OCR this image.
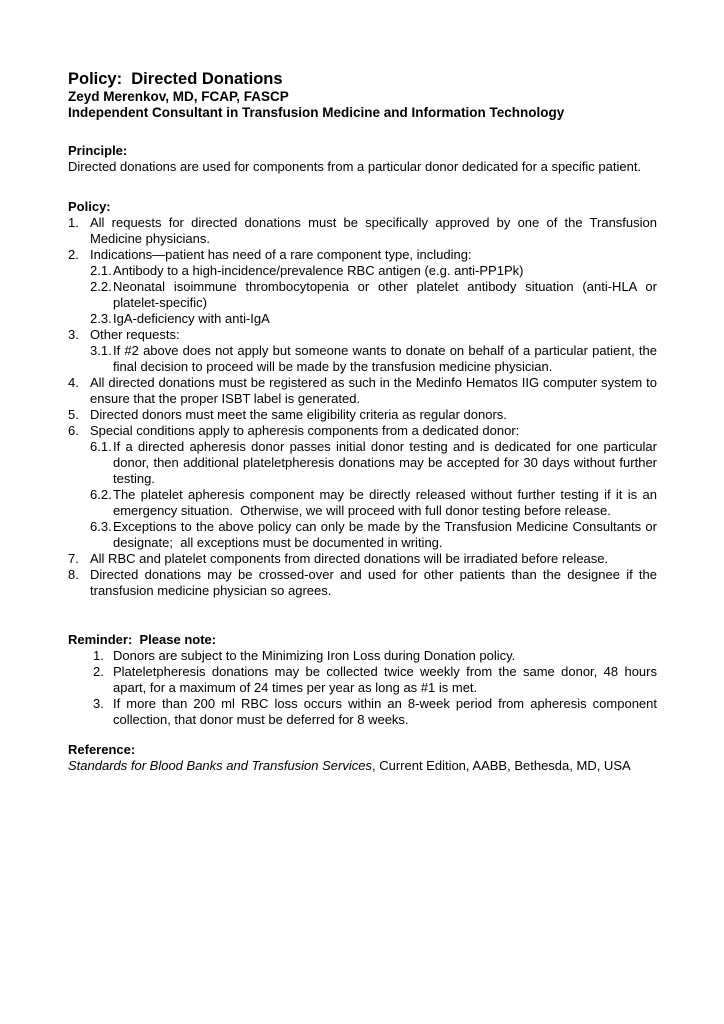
Policy:  Directed Donations
Zeyd Merenkov, MD, FCAP, FASCP
Independent Consultant in Transfusion Medicine and Information Technology
Principle:

Directed donations are used for components from a particular donor dedicated for a specific patient.

Policy:
1. All requests for directed donations must be specifically approved by one of the Transfusion Medicine physicians.
2. Indications—patient has need of a rare component type, including:
2.1. Antibody to a high-incidence/prevalence RBC antigen (e.g. anti-PP1Pk)
2.2. Neonatal isoimmune thrombocytopenia or other platelet antibody situation (anti-HLA or platelet-specific)
2.3. IgA-deficiency with anti-IgA
3. Other requests:
3.1. If #2 above does not apply but someone wants to donate on behalf of a particular patient, the final decision to proceed will be made by the transfusion medicine physician.
4. All directed donations must be registered as such in the Medinfo Hematos IIG computer system to ensure that the proper ISBT label is generated.
5. Directed donors must meet the same eligibility criteria as regular donors.
6. Special conditions apply to apheresis components from a dedicated donor:
6.1. If a directed apheresis donor passes initial donor testing and is dedicated for one particular donor, then additional plateletpheresis donations may be accepted for 30 days without further testing.
6.2. The platelet apheresis component may be directly released without further testing if it is an emergency situation.  Otherwise, we will proceed with full donor testing before release.
6.3. Exceptions to the above policy can only be made by the Transfusion Medicine Consultants or designate;  all exceptions must be documented in writing.
7. All RBC and platelet components from directed donations will be irradiated before release.
8. Directed donations may be crossed-over and used for other patients than the designee if the transfusion medicine physician so agrees.
Reminder:  Please note:
1. Donors are subject to the Minimizing Iron Loss during Donation policy.
2. Plateletpheresis donations may be collected twice weekly from the same donor, 48 hours apart, for a maximum of 24 times per year as long as #1 is met.
3. If more than 200 ml RBC loss occurs within an 8-week period from apheresis component collection, that donor must be deferred for 8 weeks.
Reference:

Standards for Blood Banks and Transfusion Services, Current Edition, AABB, Bethesda, MD, USA
